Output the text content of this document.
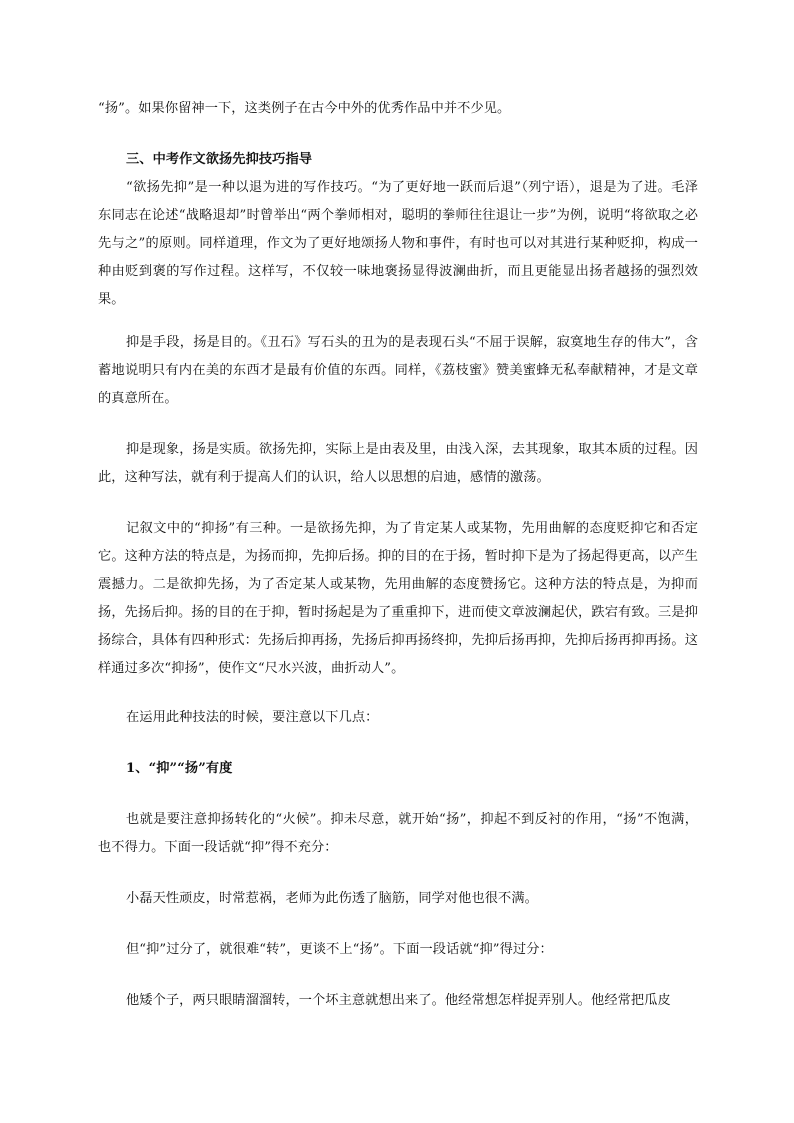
“扬”。如果你留神一下，这类例子在古今中外的优秀作品中并不少见。

三、中考作文欲扬先抑技巧指导

“欲扬先抑”是一种以退为进的写作技巧。“为了更好地一跃而后退”（列宁语），退是为了进。毛泽东同志在论述“战略退却”时曾举出“两个拳师相对，聪明的拳师往往退让一步”为例，说明“将欲取之必先与之”的原则。同样道理，作文为了更好地颂扬人物和事件，有时也可以对其进行某种贬抑，构成一种由贬到褒的写作过程。这样写，不仅较一味地褒扬显得波澜曲折，而且更能显出扬者越扬的强烈效果。

抑是手段，扬是目的。《丑石》写石头的丑为的是表现石头“不屈于误解，寂寞地生存的伟大”，含蓄地说明只有内在美的东西才是最有价值的东西。同样，《荔枝蜜》赞美蜜蜂无私奉献精神，才是文章的真意所在。

抑是现象，扬是实质。欲扬先抑，实际上是由表及里，由浅入深，去其现象，取其本质的过程。因此，这种写法，就有利于提高人们的认识，给人以思想的启迪，感情的激荡。

记叙文中的“抑扬”有三种。一是欲扬先抑，为了肯定某人或某物，先用曲解的态度贬抑它和否定它。这种方法的特点是，为扬而抑，先抑后扬。抑的目的在于扬，暂时抑下是为了扬起得更高，以产生震撼力。二是欲抑先扬，为了否定某人或某物，先用曲解的态度赞扬它。这种方法的特点是，为抑而扬，先扬后抑。扬的目的在于抑，暂时扬起是为了重重抑下，进而使文章波澜起伏，跌宕有致。三是抑扬综合，具体有四种形式：先扬后抑再扬，先扬后抑再扬终抑，先抑后扬再抑，先抑后扬再抑再扬。这样通过多次“抑扬”，使作文“尺水兴波，曲折动人”。

在运用此种技法的时候，要注意以下几点：

1、“抑”“扬”有度

也就是要注意抑扬转化的“火候”。抑未尽意，就开始“扬”，抑起不到反衬的作用，“扬”不饱满，也不得力。下面一段话就“抑”得不充分：

小磊天性顽皮，时常惹祸，老师为此伤透了脑筋，同学对他也很不满。

但“抑”过分了，就很难“转”，更谈不上“扬”。下面一段话就“抑”得过分：

他矮个子，两只眼睛溜溜转，一个坏主意就想出来了。他经常想怎样捉弄别人。他经常把瓜皮
